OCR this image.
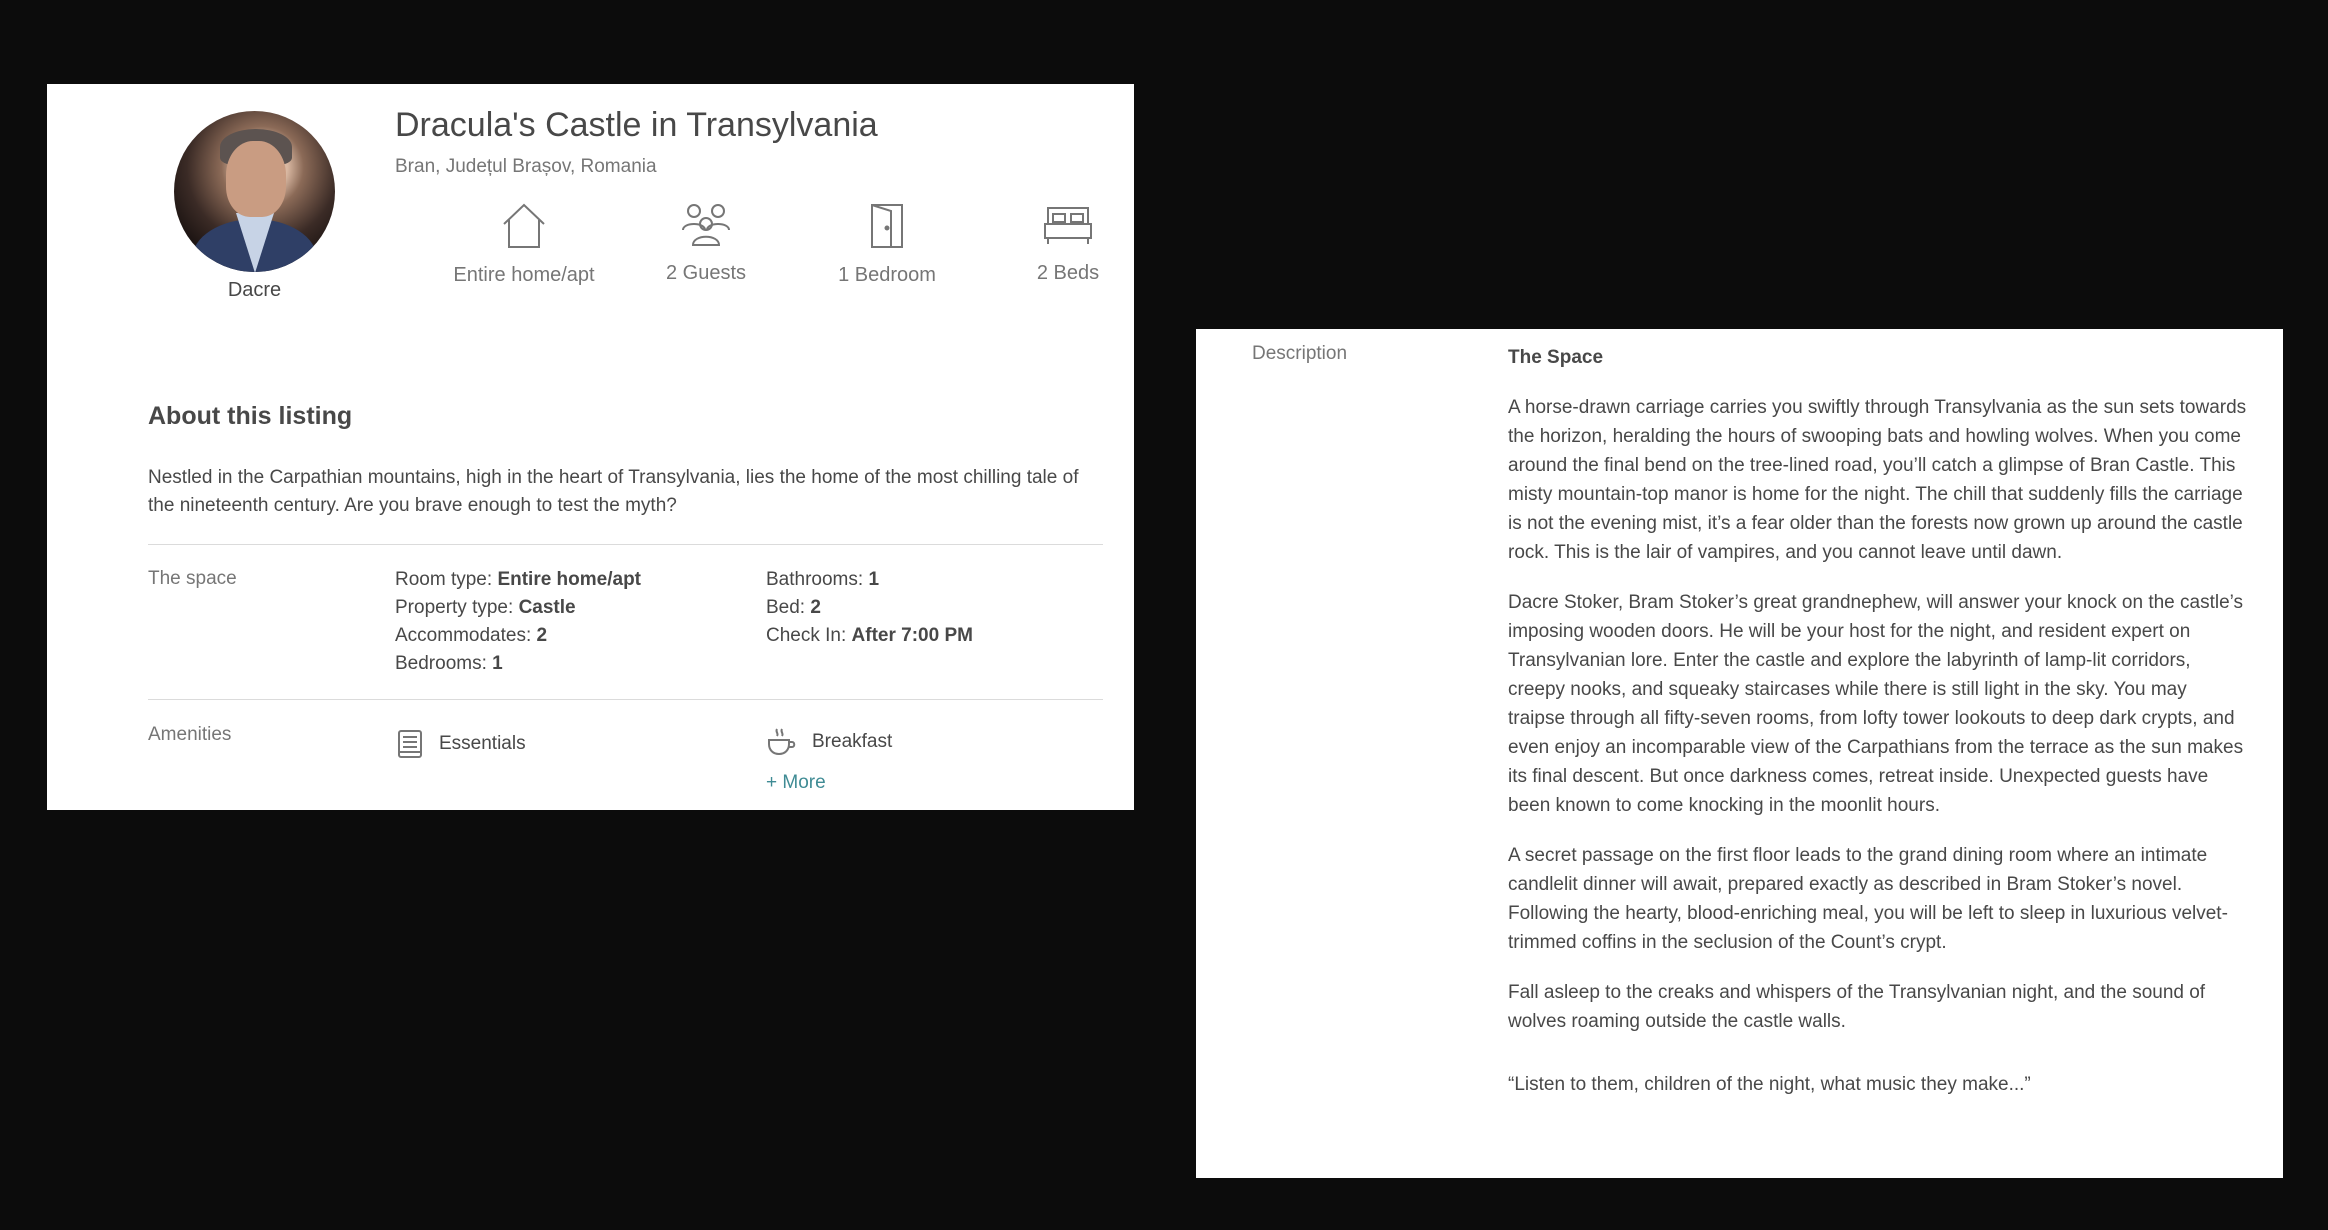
Dacre
Dracula's Castle in Transylvania
Bran, Județul Brașov, Romania
Entire home/apt	2 Guests	1 Bedroom	2 Beds
About this listing
Nestled in the Carpathian mountains, high in the heart of Transylvania, lies the home of the most chilling tale of the nineteenth century. Are you brave enough to test the myth?
The space	Room type: Entire home/apt
Property type: Castle
Accommodates: 2
Bedrooms: 1
Bathrooms: 1
Bed: 2
Check In: After 7:00 PM
Amenities	Essentials	Breakfast
+ More
Description	The Space

A horse-drawn carriage carries you swiftly through Transylvania as the sun sets towards the horizon, heralding the hours of swooping bats and howling wolves. When you come around the final bend on the tree-lined road, you’ll catch a glimpse of Bran Castle. This misty mountain-top manor is home for the night. The chill that suddenly fills the carriage is not the evening mist, it’s a fear older than the forests now grown up around the castle rock. This is the lair of vampires, and you cannot leave until dawn.

Dacre Stoker, Bram Stoker’s great grandnephew, will answer your knock on the castle’s imposing wooden doors. He will be your host for the night, and resident expert on Transylvanian lore. Enter the castle and explore the labyrinth of lamp-lit corridors, creepy nooks, and squeaky staircases while there is still light in the sky. You may traipse through all fifty-seven rooms, from lofty tower lookouts to deep dark crypts, and even enjoy an incomparable view of the Carpathians from the terrace as the sun makes its final descent. But once darkness comes, retreat inside. Unexpected guests have been known to come knocking in the moonlit hours.

A secret passage on the first floor leads to the grand dining room where an intimate candlelit dinner will await, prepared exactly as described in Bram Stoker’s novel. Following the hearty, blood-enriching meal, you will be left to sleep in luxurious velvet-trimmed coffins in the seclusion of the Count’s crypt.

Fall asleep to the creaks and whispers of the Transylvanian night, and the sound of wolves roaming outside the castle walls.

“Listen to them, children of the night, what music they make...”
